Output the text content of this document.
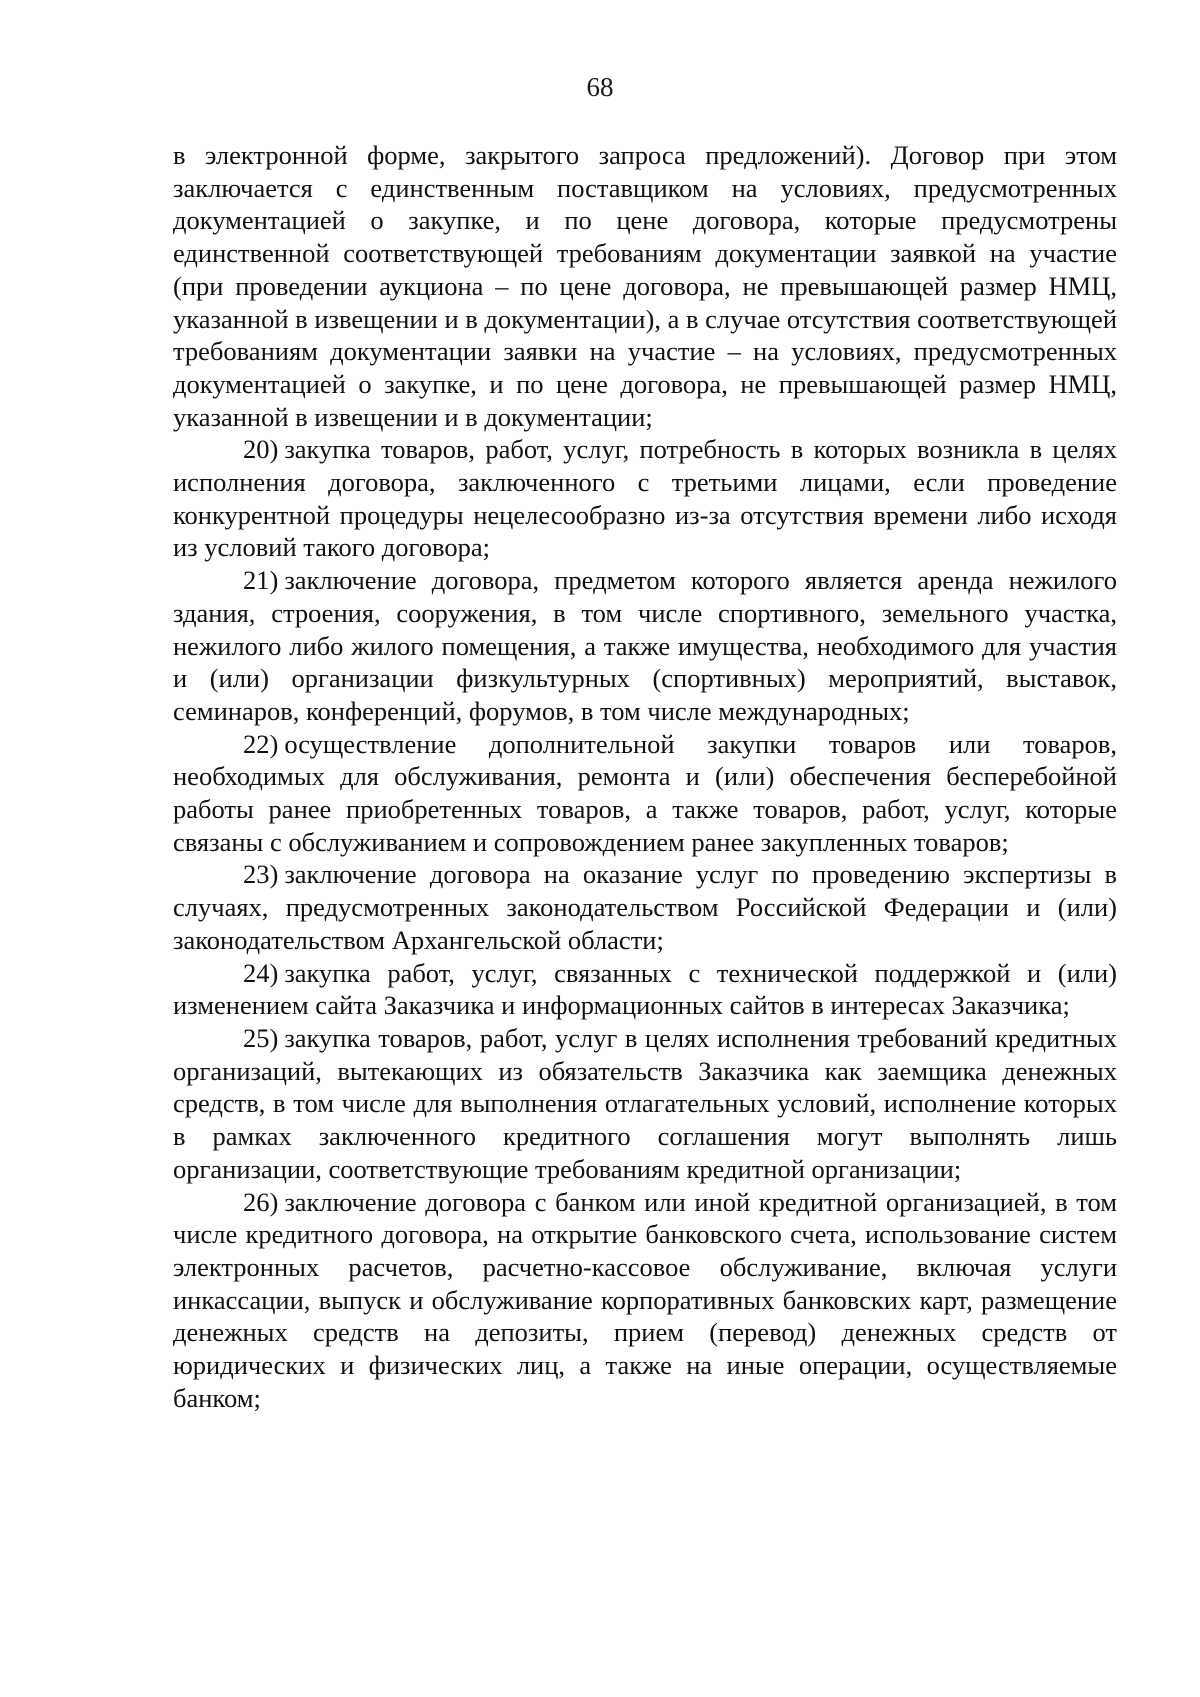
68

в электронной форме, закрытого запроса предложений). Договор при этом заключается с единственным поставщиком на условиях, предусмотренных документацией о закупке, и по цене договора, которые предусмотрены единственной соответствующей требованиям документации заявкой на участие (при проведении аукциона – по цене договора, не превышающей размер НМЦ, указанной в извещении и в документации), а в случае отсутствия соответствующей требованиям документации заявки на участие – на условиях, предусмотренных документацией о закупке, и по цене договора, не превышающей размер НМЦ, указанной в извещении и в документации;

20) закупка товаров, работ, услуг, потребность в которых возникла в целях исполнения договора, заключенного с третьими лицами, если проведение конкурентной процедуры нецелесообразно из-за отсутствия времени либо исходя из условий такого договора;

21) заключение договора, предметом которого является аренда нежилого здания, строения, сооружения, в том числе спортивного, земельного участка, нежилого либо жилого помещения, а также имущества, необходимого для участия и (или) организации физкультурных (спортивных) мероприятий, выставок, семинаров, конференций, форумов, в том числе международных;

22) осуществление дополнительной закупки товаров или товаров, необходимых для обслуживания, ремонта и (или) обеспечения бесперебойной работы ранее приобретенных товаров, а также товаров, работ, услуг, которые связаны с обслуживанием и сопровождением ранее закупленных товаров;

23) заключение договора на оказание услуг по проведению экспертизы в случаях, предусмотренных законодательством Российской Федерации и (или) законодательством Архангельской области;

24) закупка работ, услуг, связанных с технической поддержкой и (или) изменением сайта Заказчика и информационных сайтов в интересах Заказчика;

25) закупка товаров, работ, услуг в целях исполнения требований кредитных организаций, вытекающих из обязательств Заказчика как заемщика денежных средств, в том числе для выполнения отлагательных условий, исполнение которых в рамках заключенного кредитного соглашения могут выполнять лишь организации, соответствующие требованиям кредитной организации;

26) заключение договора с банком или иной кредитной организацией, в том числе кредитного договора, на открытие банковского счета, использование систем электронных расчетов, расчетно-кассовое обслуживание, включая услуги инкассации, выпуск и обслуживание корпоративных банковских карт, размещение денежных средств на депозиты, прием (перевод) денежных средств от юридических и физических лиц, а также на иные операции, осуществляемые банком;
